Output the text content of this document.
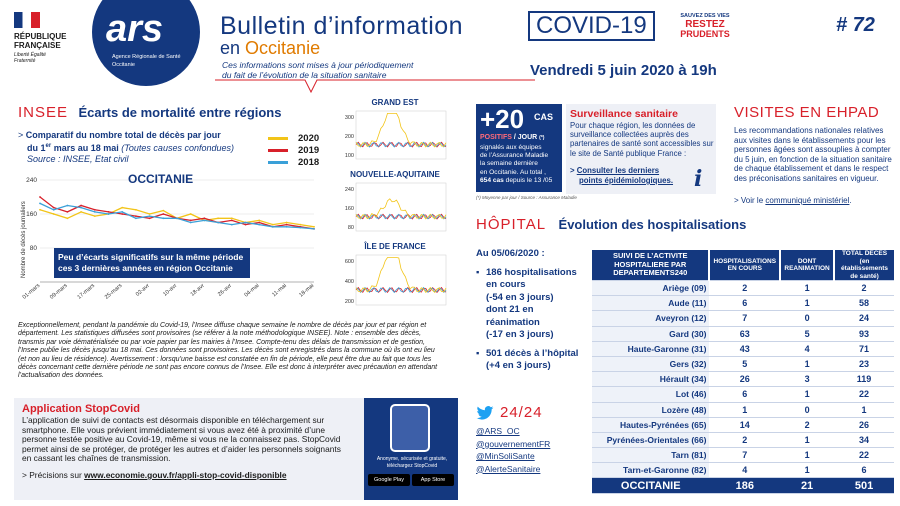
RÉPUBLIQUE
FRANÇAISE
Liberté Égalité Fraternité
ars
Agence Régionale de Santé
Occitanie
Bulletin d’information
en Occitanie
COVID-19	SAUVEZ DES VIES
RESTEZ
PRUDENTS	# 72
Ces informations sont mises à jour périodiquement
du fait de l’évolution de la situation sanitaire	Vendredi 5 juin 2020 à 19h
INSEE Écarts de mortalité entre régions
> Comparatif du nombre total de décès par jour
du 1er mars au 18 mai (Toutes causes confondues)
Source : INSEE, Etat civil
2020
2019
2018
Nombre de décès journaliers
240
160
80
01-mars 09-mars 17-mars 25-mars 02-avr 10-avr 18-avr 26-avr 04-mai 11-mai 18-mai
OCCITANIE
Peu d’écarts significatifs sur la même période
ces 3 dernières années en région Occitanie
GRAND EST
300
200
100
NOUVELLE-AQUITAINE
240
160
80
ÎLE DE FRANCE
600
400
200
Exceptionnellement, pendant la pandémie du Covid-19, l’Insee diffuse chaque semaine le nombre de décès par jour et par région et département. Les statistiques diffusées sont provisoires (se référer à la note méthodologique INSEE). Note : ensemble des décès, transmis par voie dématérialisée ou par voie papier par les mairies à l’Insee. Compte-tenu des délais de transmission et de gestion, l’Insee publie les décès jusqu’au 18 mai. Ces données sont provisoires. Les décès sont enregistrés dans la commune où ils ont eu lieu (et non au lieu de résidence). Avertissement : lorsqu’une baisse est constatée en fin de période, elle peut être due au fait que tous les décès concernant cette dernière période ne sont pas encore connus de l’Insee. Elle est donc à interpréter avec précaution en attendant l’actualisation des données.
Application StopCovid
L’application de suivi de contacts est désormais disponible en téléchargement sur smartphone. Elle vous prévient immédiatement si vous avez été à proximité d’une personne testée positive au Covid-19, même si vous ne la connaissez pas. StopCovid permet ainsi de se protéger, de protéger les autres et d’aider les personnels soignants en cassant les chaînes de transmission.
> Précisions sur www.economie.gouv.fr/appli-stop-covid-disponible
Anonyme, sécurisée et gratuite,
téléchargez StopCovid
Google Play	App Store
+20 CAS
POSITIFS / JOUR (*)
signalés aux équipes
de l’Assurance Maladie
la semaine dernière
en Occitanie. Au total ,
654 cas depuis le 13 /05
(*) Moyenne par jour / Source : Assurance Maladie
Surveillance sanitaire
Pour chaque région, les données de surveillance collectées auprès des partenaires de santé sont accessibles sur le site de Santé publique France :
> Consulter les derniers
points épidémiologiques. i
VISITES EN EHPAD
Les recommandations nationales relatives aux visites dans le établissements pour les personnes âgées sont assouplies à compter du 5 juin, en fonction de la situation sanitaire de chaque établissement et dans le respect des préconisations sanitaires en vigueur.
> Voir le communiqué ministériel.
HÔPITAL Évolution des hospitalisations
Au 05/06/2020 :
▪ 186 hospitalisations
en cours
(-54 en 3 jours)
dont 21 en
réanimation
(-17 en 3 jours)
▪ 501 décès à l’hôpital
(+4 en 3 jours)
24/24
@ARS_OC
@gouvernementFR
@MinSoliSante
@AlerteSanitaire
SUIVI DE L’ACTIVITE HOSPITALIERE PAR DEPARTEMENTS240	HOSPITALISATIONS EN COURS	DONT REANIMATION	TOTAL DECES (en établissements de santé)
Ariège (09)	2	1	2
Aude (11)	6	1	58
Aveyron (12)	7	0	24
Gard (30)	63	5	93
Haute-Garonne (31)	43	4	71
Gers (32)	5	1	23
Hérault (34)	26	3	119
Lot (46)	6	1	22
Lozère (48)	1	0	1
Hautes-Pyrénées (65)	14	2	26
Pyrénées-Orientales (66)	2	1	34
Tarn (81)	7	1	22
Tarn-et-Garonne (82)	4	1	6
OCCITANIE	186	21	501
